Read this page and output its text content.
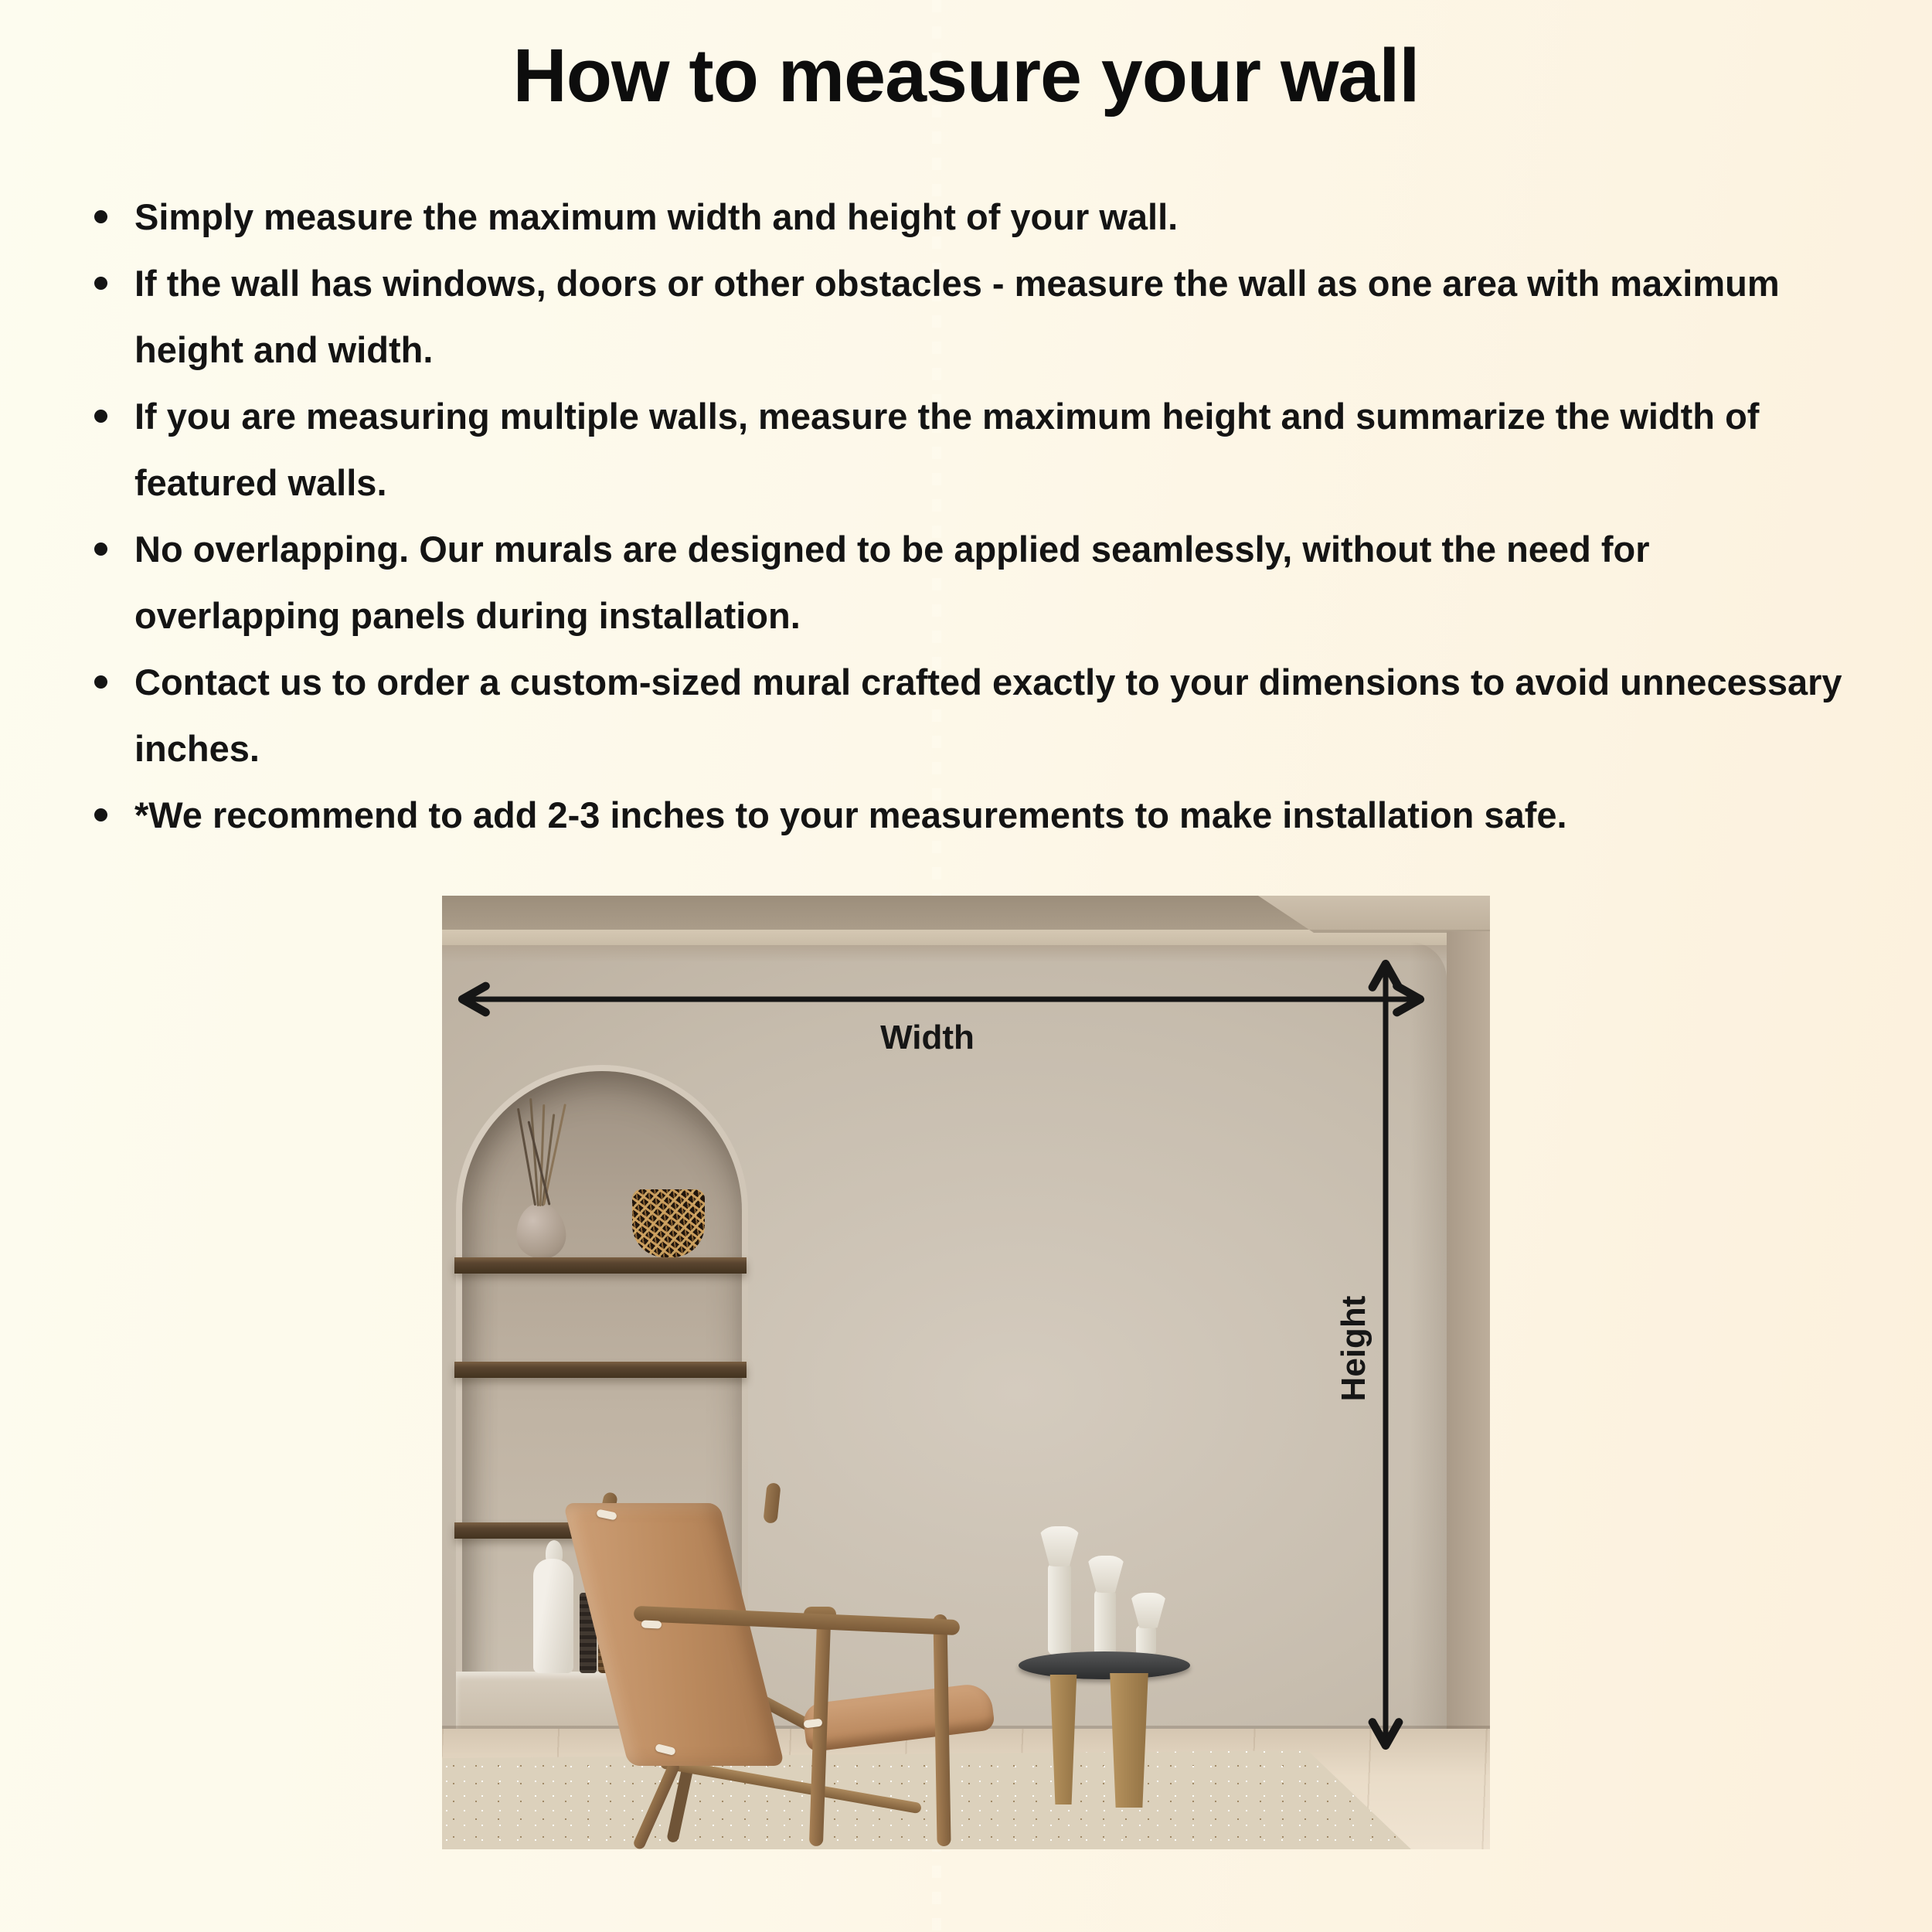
How to measure your wall
Simply measure the maximum width and height of your wall.
If the wall has windows, doors or other obstacles - measure the wall as one area with maximum height and width.
If you are measuring multiple walls, measure the maximum height and summarize the width of featured walls.
No overlapping. Our murals are designed to be applied seamlessly, without the need for overlapping panels during installation.
Contact us to order a custom-sized mural crafted exactly to your dimensions to avoid unnecessary inches.
*We recommend to add 2-3 inches to your measurements to make installation safe.
Width
Height
